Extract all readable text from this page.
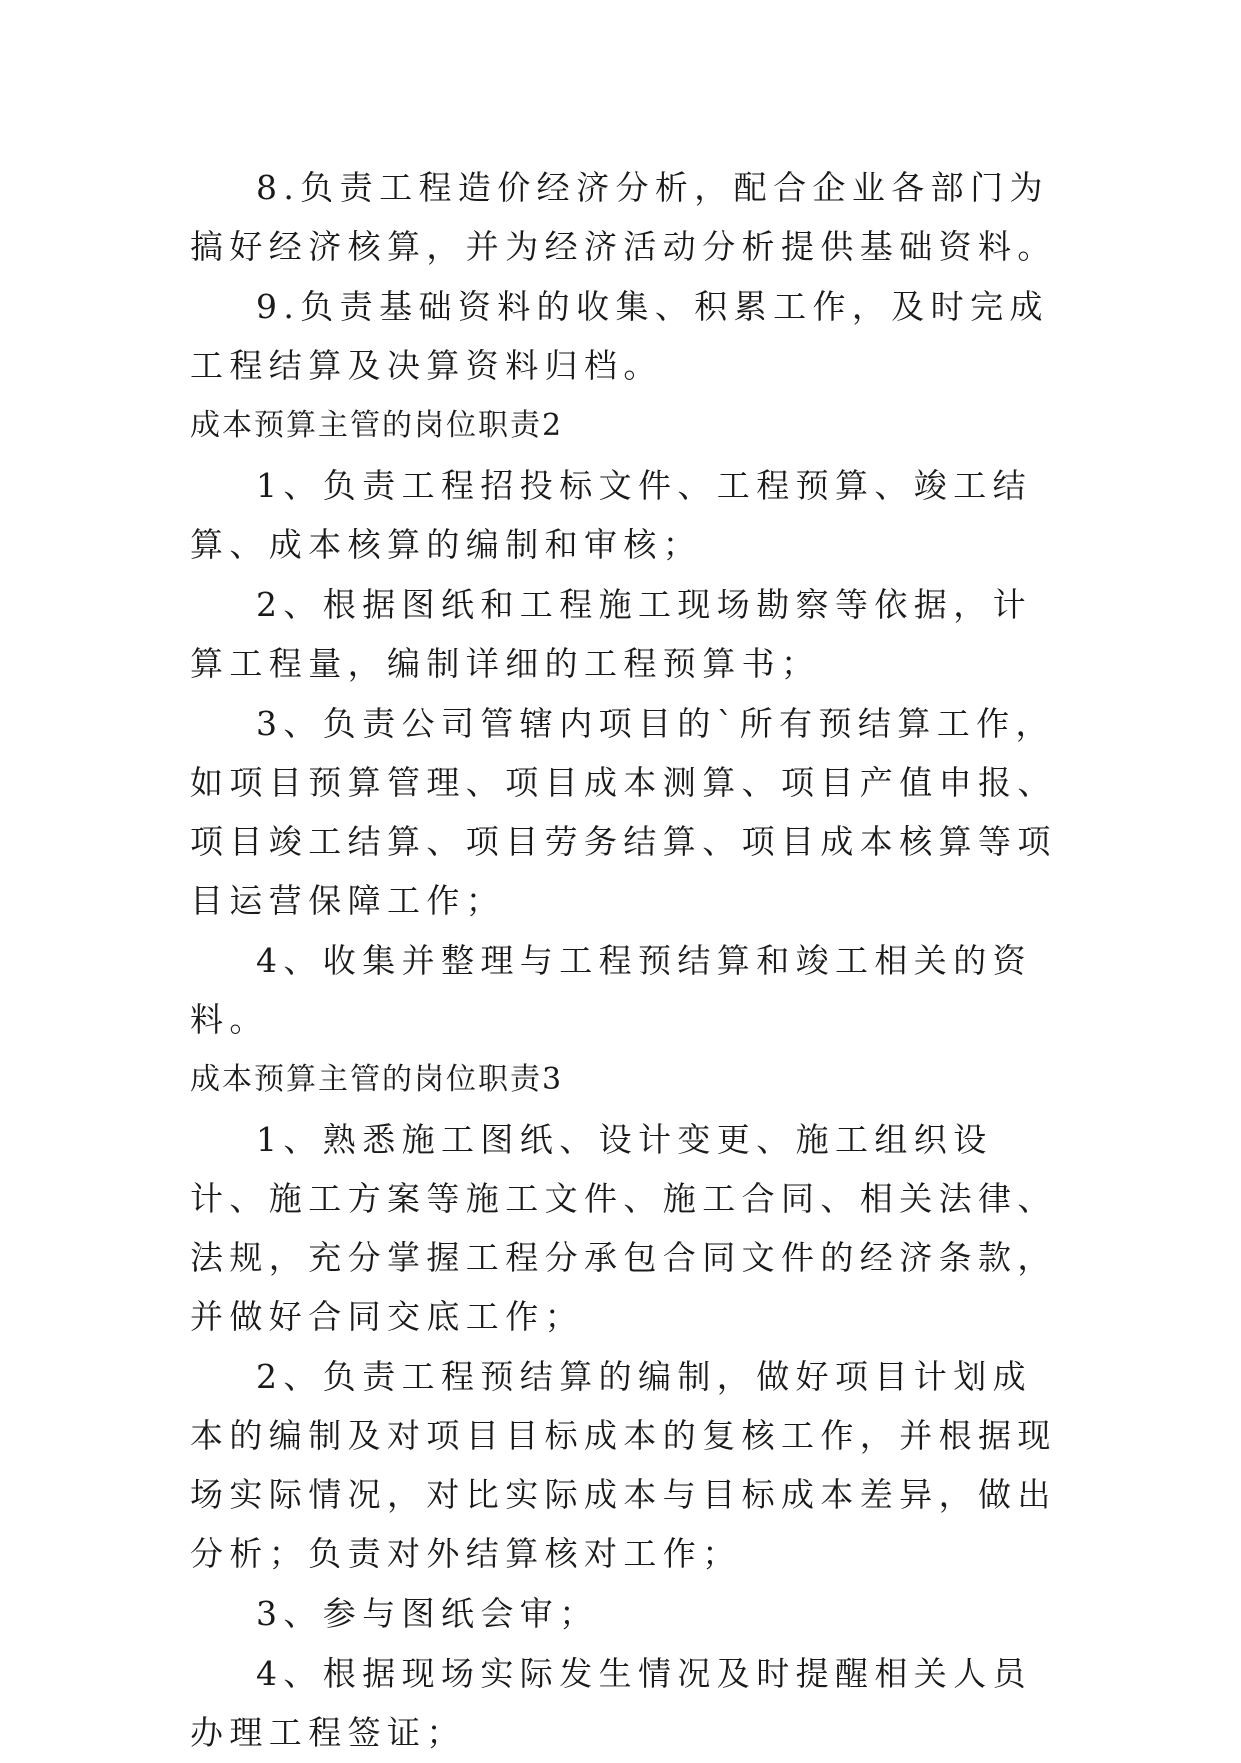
8.负责工程造价经济分析，配合企业各部门为搞好经济核算，并为经济活动分析提供基础资料。

9.负责基础资料的收集、积累工作，及时完成工程结算及决算资料归档。

成本预算主管的岗位职责2

1、负责工程招投标文件、工程预算、竣工结算、成本核算的编制和审核；

2、根据图纸和工程施工现场勘察等依据，计算工程量，编制详细的工程预算书；

3、负责公司管辖内项目的`所有预结算工作，如项目预算管理、项目成本测算、项目产值申报、项目竣工结算、项目劳务结算、项目成本核算等项目运营保障工作；

4、收集并整理与工程预结算和竣工相关的资料。

成本预算主管的岗位职责3

1、熟悉施工图纸、设计变更、施工组织设计、施工方案等施工文件、施工合同、相关法律、法规，充分掌握工程分承包合同文件的经济条款，并做好合同交底工作；

2、负责工程预结算的编制，做好项目计划成本的编制及对项目目标成本的复核工作，并根据现场实际情况，对比实际成本与目标成本差异，做出分析；负责对外结算核对工作；

3、参与图纸会审；

4、根据现场实际发生情况及时提醒相关人员办理工程签证；
